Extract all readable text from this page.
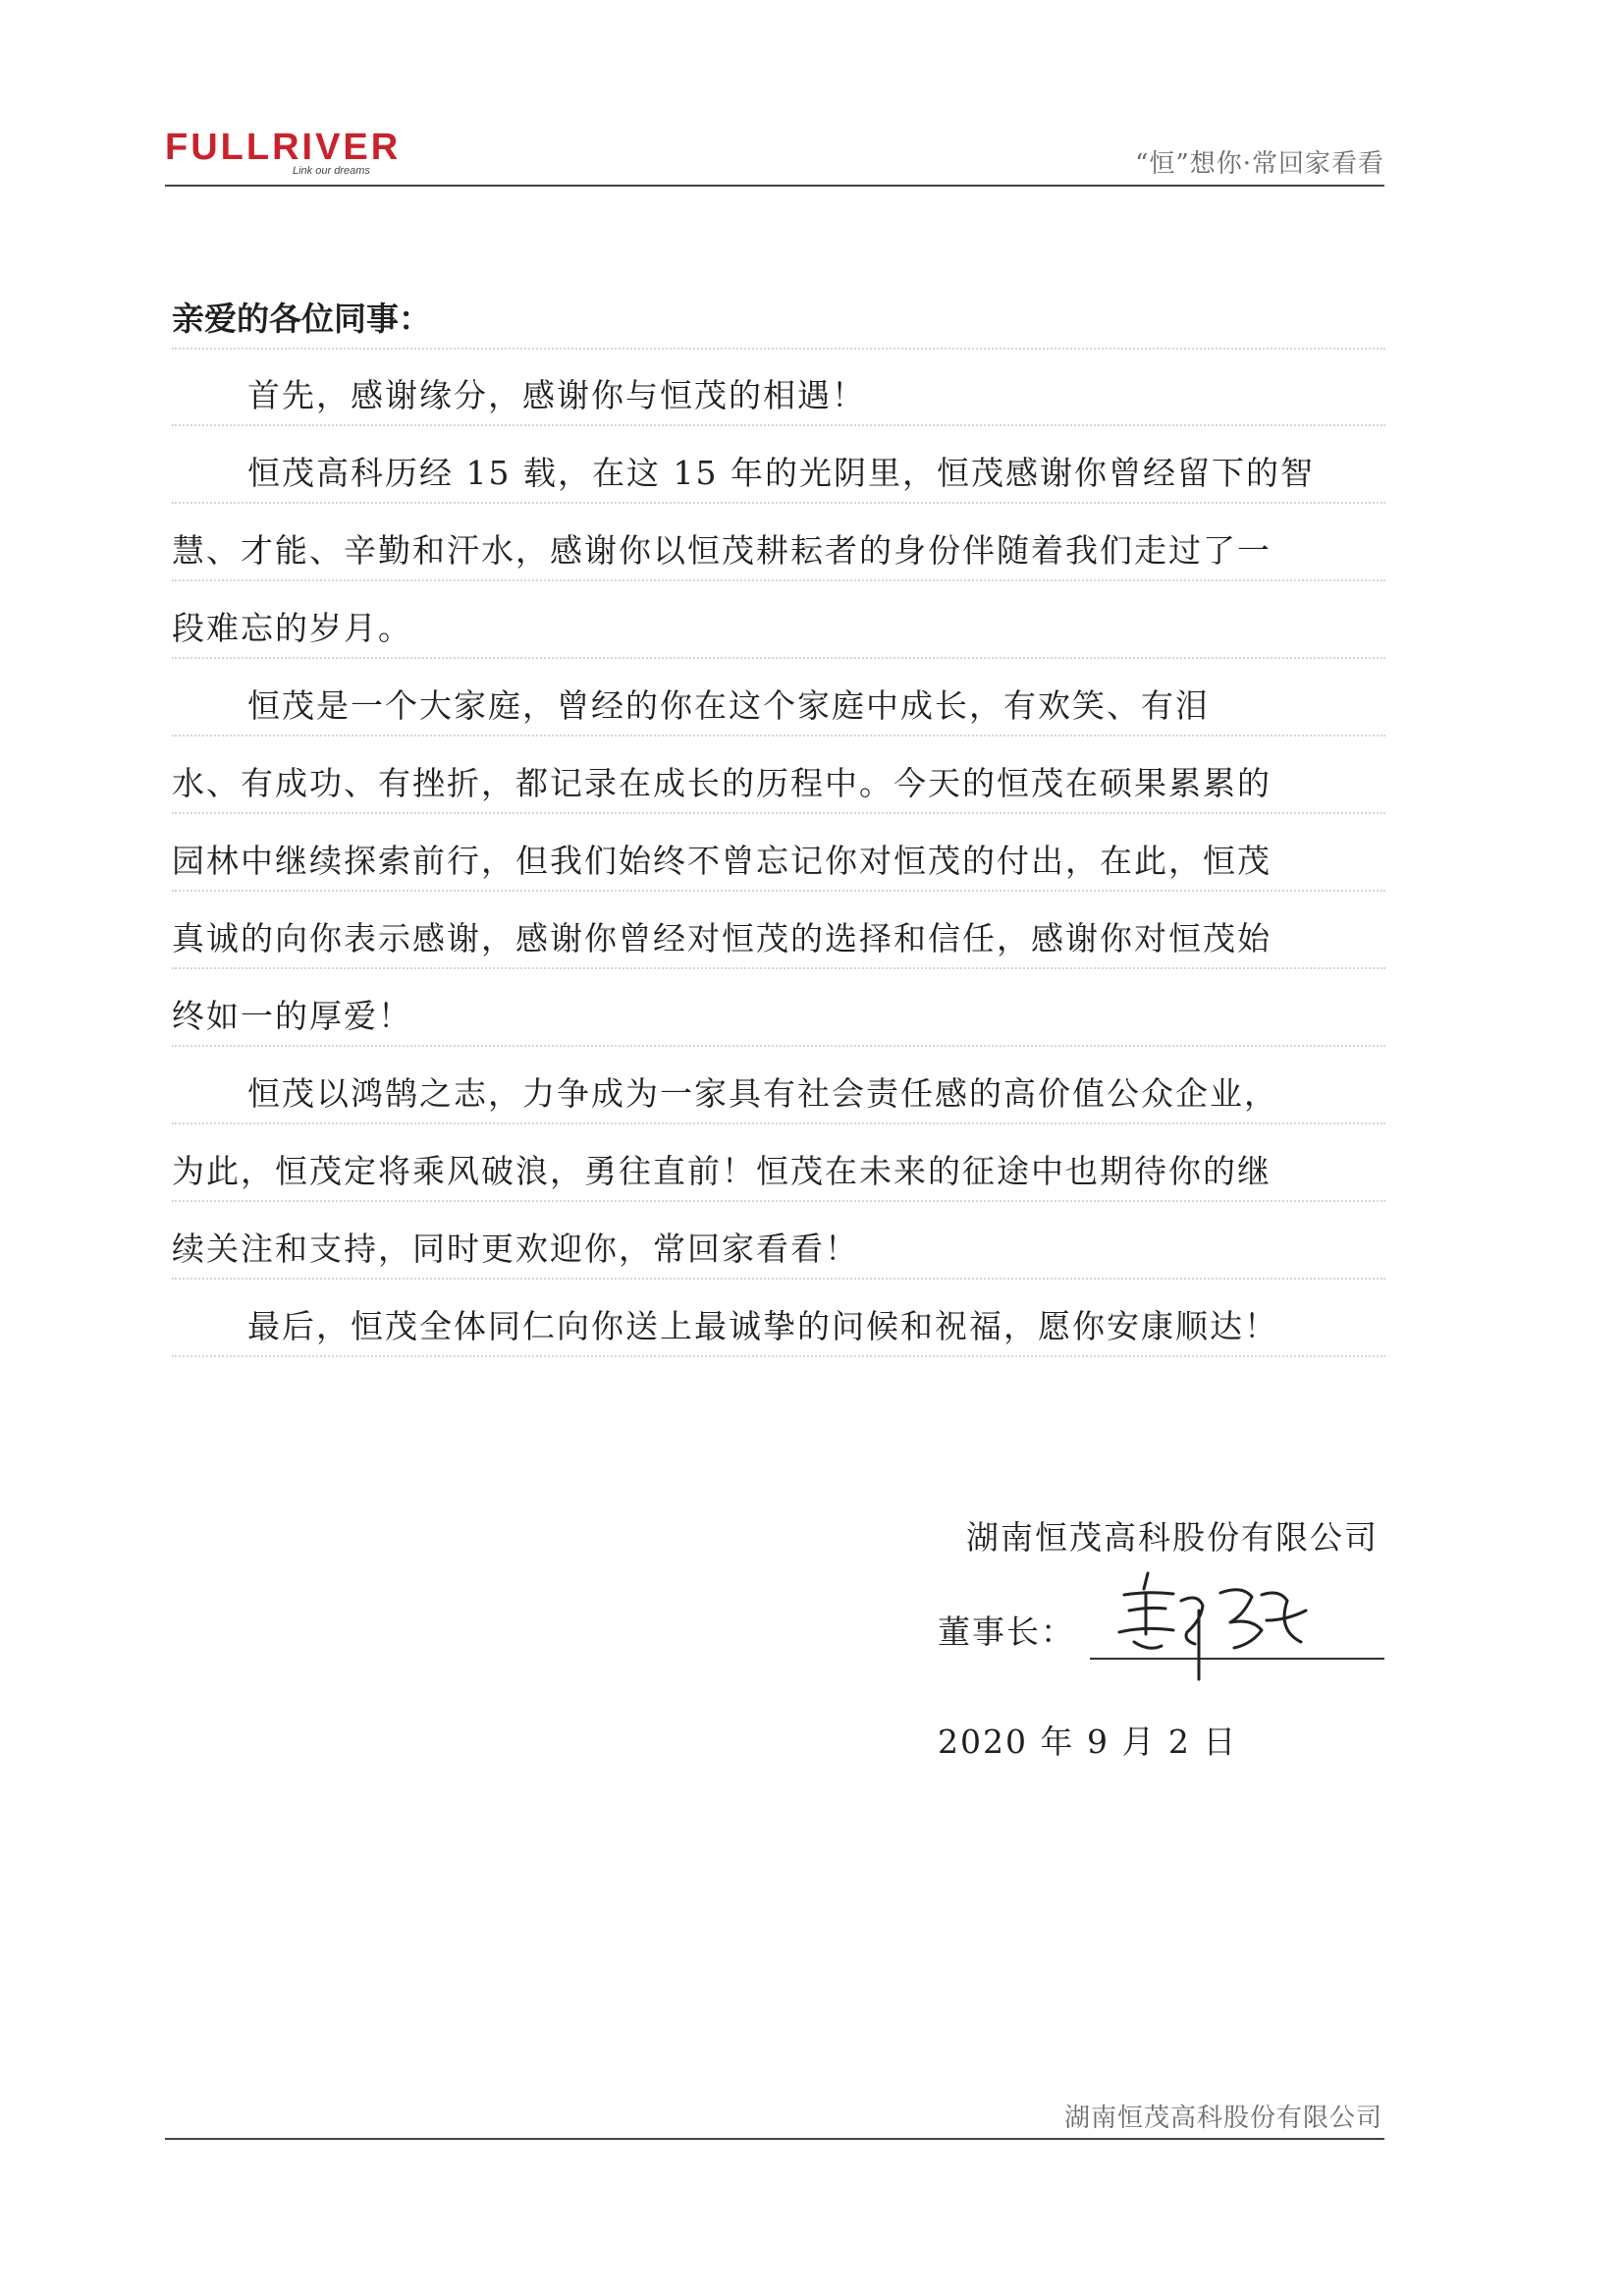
FULLRIVER
Link our dreams	“恒”想你·常回家看看
亲爱的各位同事：
首先，感谢缘分，感谢你与恒茂的相遇！
恒茂高科历经 15 载，在这 15 年的光阴里，恒茂感谢你曾经留下的智
慧、才能、辛勤和汗水，感谢你以恒茂耕耘者的身份伴随着我们走过了一
段难忘的岁月。
恒茂是一个大家庭，曾经的你在这个家庭中成长，有欢笑、有泪
水、有成功、有挫折，都记录在成长的历程中。今天的恒茂在硕果累累的
园林中继续探索前行，但我们始终不曾忘记你对恒茂的付出，在此，恒茂
真诚的向你表示感谢，感谢你曾经对恒茂的选择和信任，感谢你对恒茂始
终如一的厚爱！
恒茂以鸿鹄之志，力争成为一家具有社会责任感的高价值公众企业，
为此，恒茂定将乘风破浪，勇往直前！恒茂在未来的征途中也期待你的继
续关注和支持，同时更欢迎你，常回家看看！
最后，恒茂全体同仁向你送上最诚挚的问候和祝福，愿你安康顺达！
湖南恒茂高科股份有限公司
董事长：
2020 年 9 月 2 日
湖南恒茂高科股份有限公司
